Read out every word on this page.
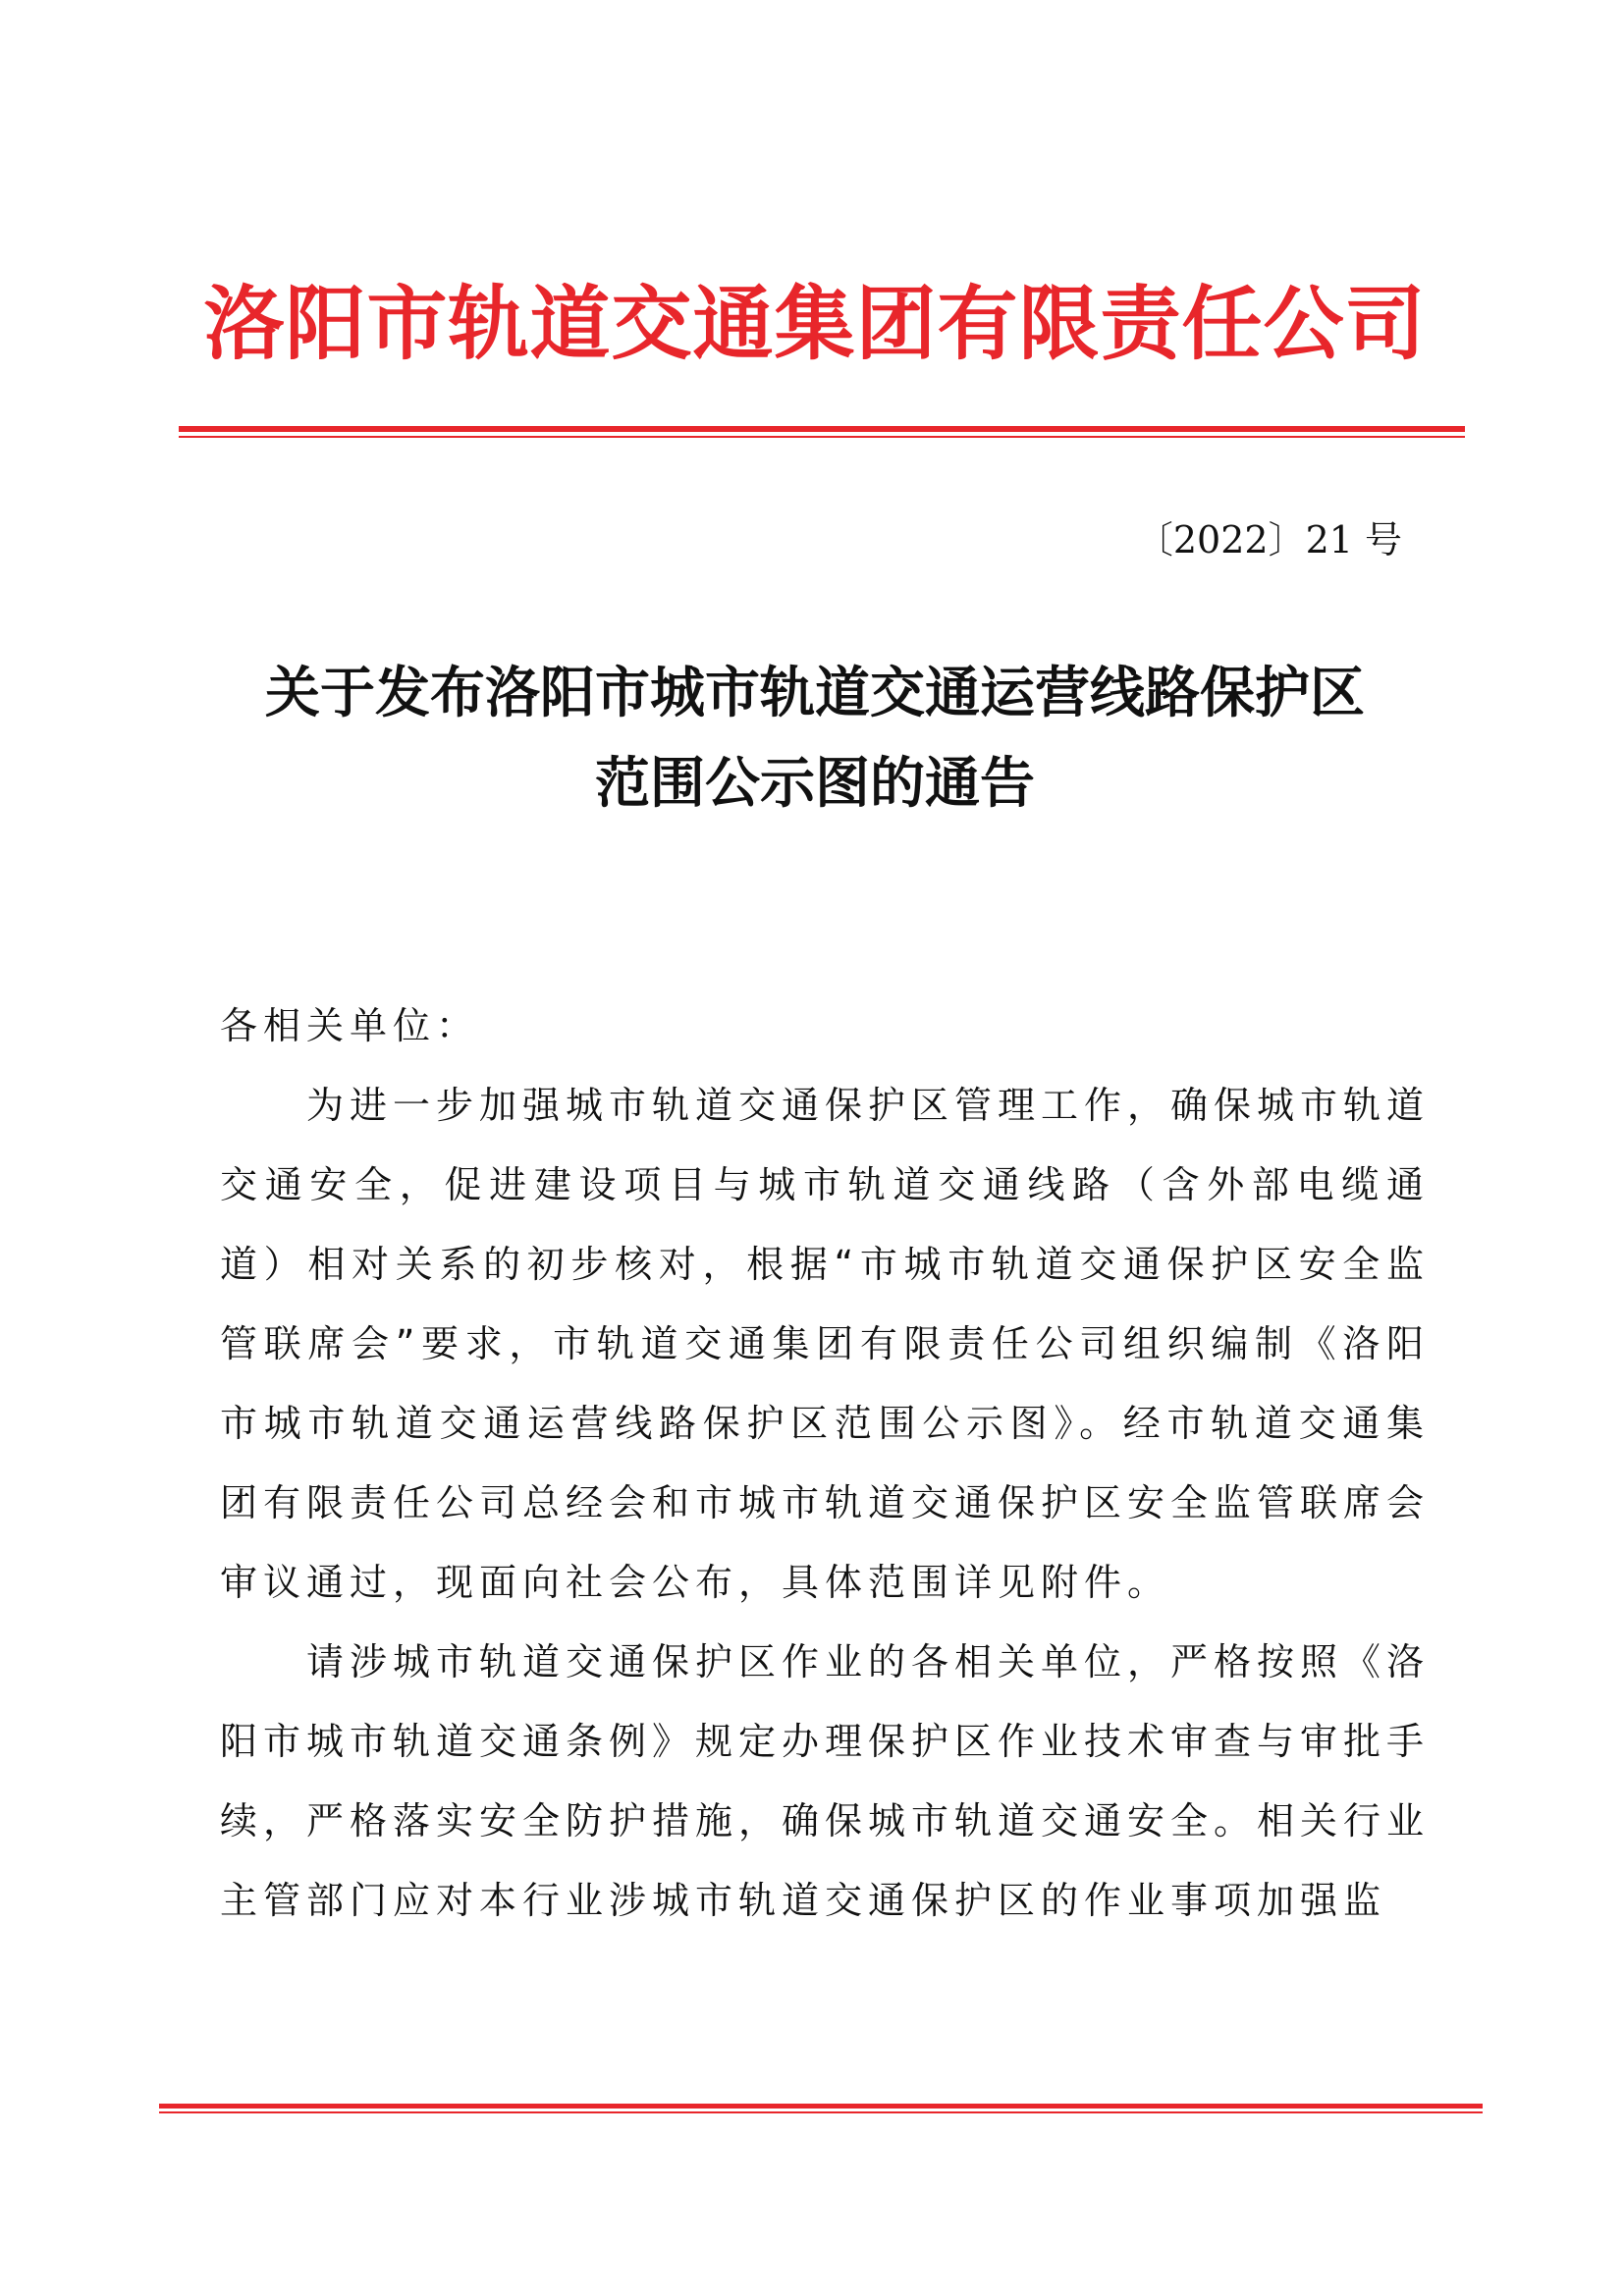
洛阳市轨道交通集团有限责任公司
〔2022〕21 号
关于发布洛阳市城市轨道交通运营线路保护区
范围公示图的通告

各相关单位：

为进一步加强城市轨道交通保护区管理工作，确保城市轨道交通安全，促进建设项目与城市轨道交通线路（含外部电缆通道）相对关系的初步核对，根据“市城市轨道交通保护区安全监管联席会”要求，市轨道交通集团有限责任公司组织编制《洛阳市城市轨道交通运营线路保护区范围公示图》。经市轨道交通集团有限责任公司总经会和市城市轨道交通保护区安全监管联席会审议通过，现面向社会公布，具体范围详见附件。

请涉城市轨道交通保护区作业的各相关单位，严格按照《洛阳市城市轨道交通条例》规定办理保护区作业技术审查与审批手续，严格落实安全防护措施，确保城市轨道交通安全。相关行业主管部门应对本行业涉城市轨道交通保护区的作业事项加强监
